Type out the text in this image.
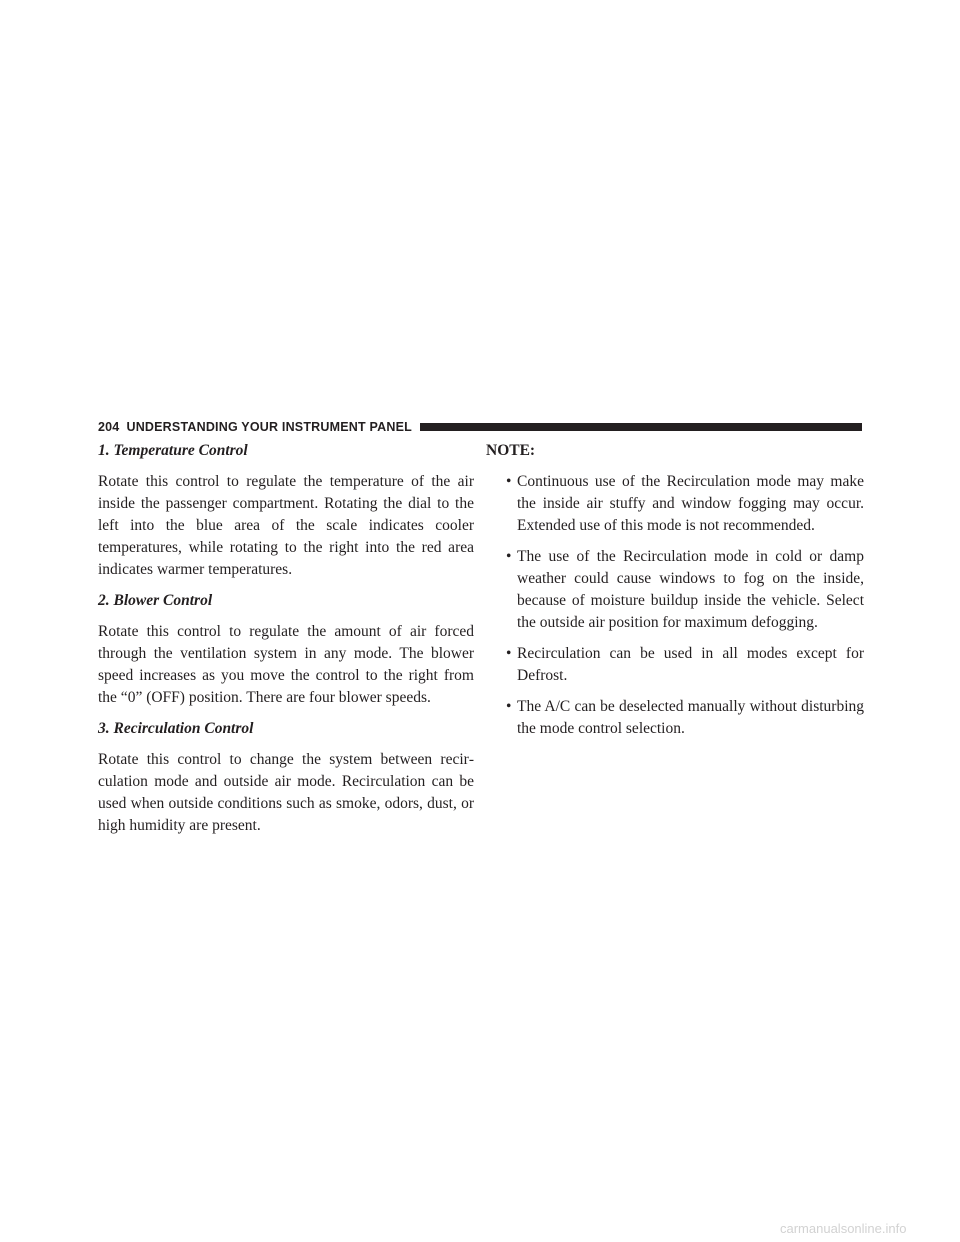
204 UNDERSTANDING YOUR INSTRUMENT PANEL
1. Temperature Control

Rotate this control to regulate the temperature of the air inside the passenger compartment. Rotating the dial to the left into the blue area of the scale indicates cooler temperatures, while rotating to the right into the red area indicates warmer temperatures.

2. Blower Control

Rotate this control to regulate the amount of air forced through the ventilation system in any mode. The blower speed increases as you move the control to the right from the “0” (OFF) position. There are four blower speeds.

3. Recirculation Control

Rotate this control to change the system between recirculation mode and outside air mode. Recirculation can be used when outside conditions such as smoke, odors, dust, or high humidity are present.

NOTE:
• Continuous use of the Recirculation mode may make the inside air stuffy and window fogging may occur. Extended use of this mode is not recommended.
• The use of the Recirculation mode in cold or damp weather could cause windows to fog on the inside, because of moisture buildup inside the vehicle. Select the outside air position for maximum defogging.
• Recirculation can be used in all modes except for Defrost.
• The A/C can be deselected manually without disturbing the mode control selection.
carmanualsonline.info
